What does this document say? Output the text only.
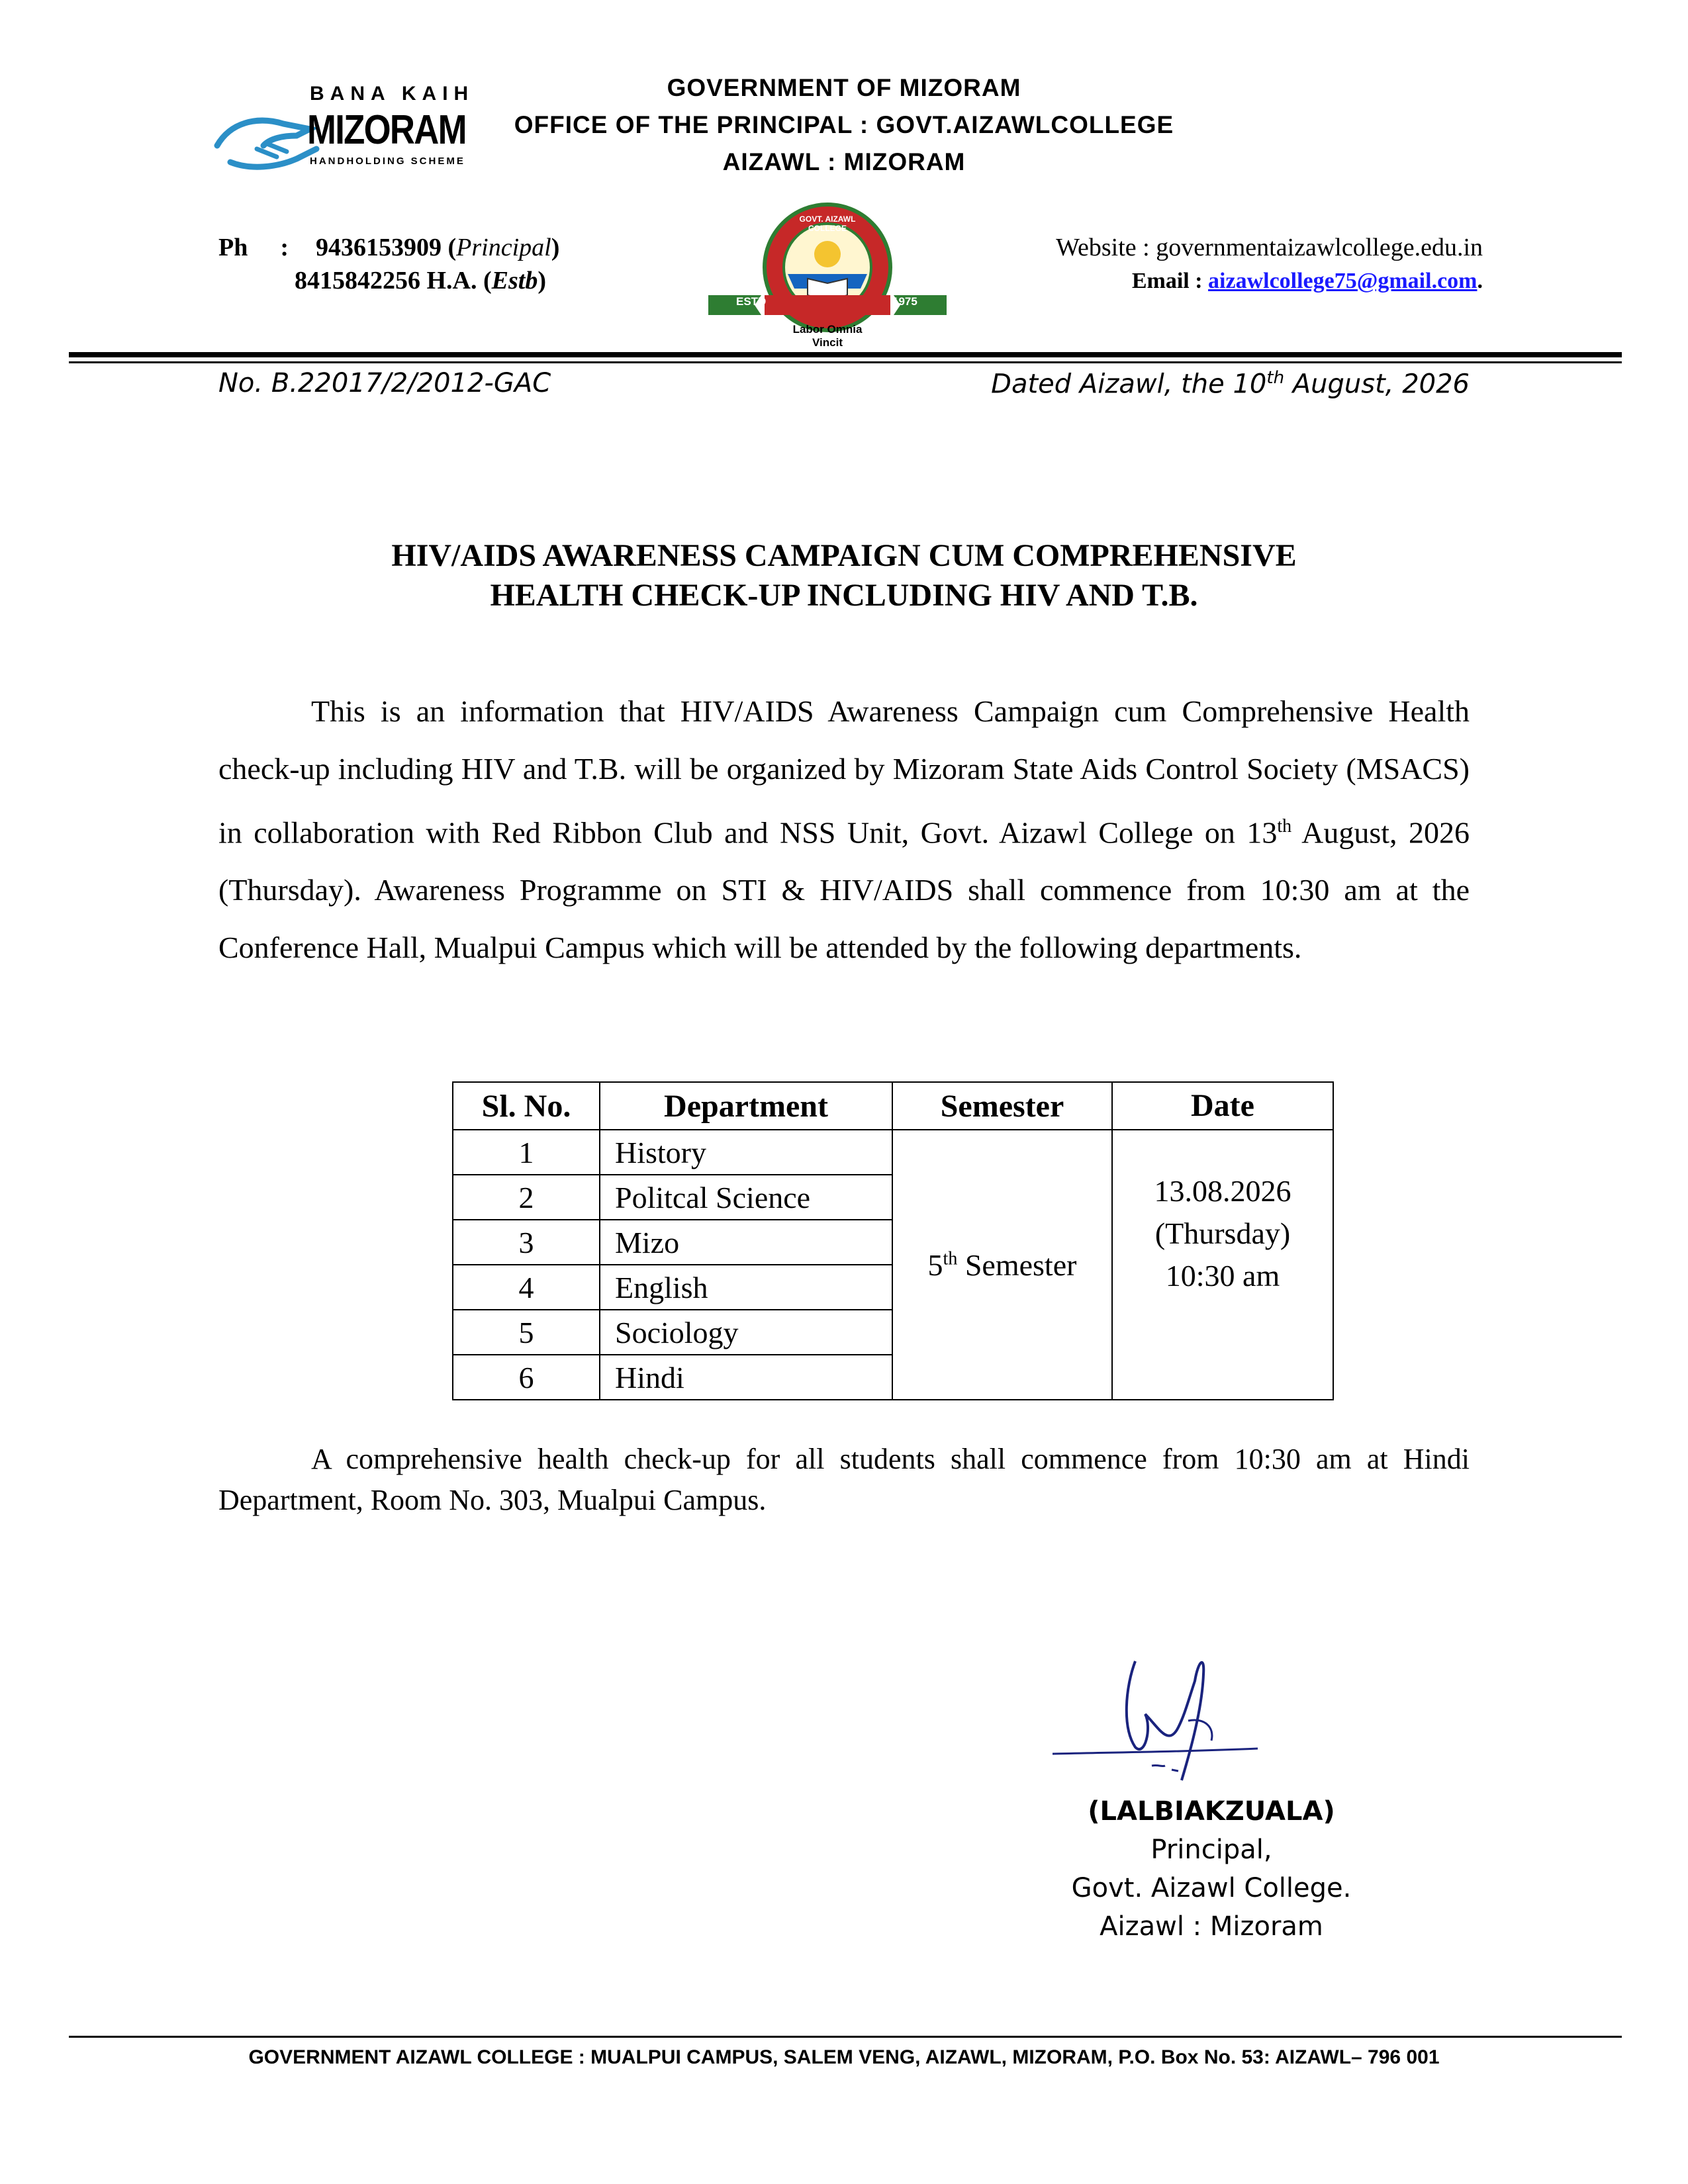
GOVERNMENT OF MIZORAM
OFFICE OF THE PRINCIPAL : GOVT.AIZAWLCOLLEGE
AIZAWL : MIZORAM
BANA KAIH
MIZORAM
HANDHOLDING SCHEME
Ph : 9436153909 (Principal)
8415842256 H.A. (Estb)
ESTD	1975
Labor Omnia Vincit
GOVT. AIZAWL COLLEGE
Website : governmentaizawlcollege.edu.in
Email : aizawlcollege75@gmail.com.
No. B.22017/2/2012-GAC	Dated Aizawl, the 10th August, 2026
HIV/AIDS AWARENESS CAMPAIGN CUM COMPREHENSIVE
HEALTH CHECK-UP INCLUDING HIV AND T.B.

This is an information that HIV/AIDS Awareness Campaign cum Comprehensive Health check-up including HIV and T.B. will be organized by Mizoram State Aids Control Society (MSACS) in collaboration with Red Ribbon Club and NSS Unit, Govt. Aizawl College on 13th August, 2026 (Thursday). Awareness Programme on STI & HIV/AIDS shall commence from 10:30 am at the Conference Hall, Mualpui Campus which will be attended by the following departments.

Sl. No.	Department	Semester	Date
1	History	5th Semester	13.08.2026
(Thursday)
10:30 am

2	Politcal Science		
3	Mizo		
4	English		
5	Sociology		
6	Hindi		

A comprehensive health check-up for all students shall commence from 10:30 am at Hindi Department, Room No. 303, Mualpui Campus.

(LALBIAKZUALA)
Principal,
Govt. Aizawl College.
Aizawl : Mizoram
GOVERNMENT AIZAWL COLLEGE : MUALPUI CAMPUS, SALEM VENG, AIZAWL, MIZORAM, P.O. Box No. 53: AIZAWL– 796 001
